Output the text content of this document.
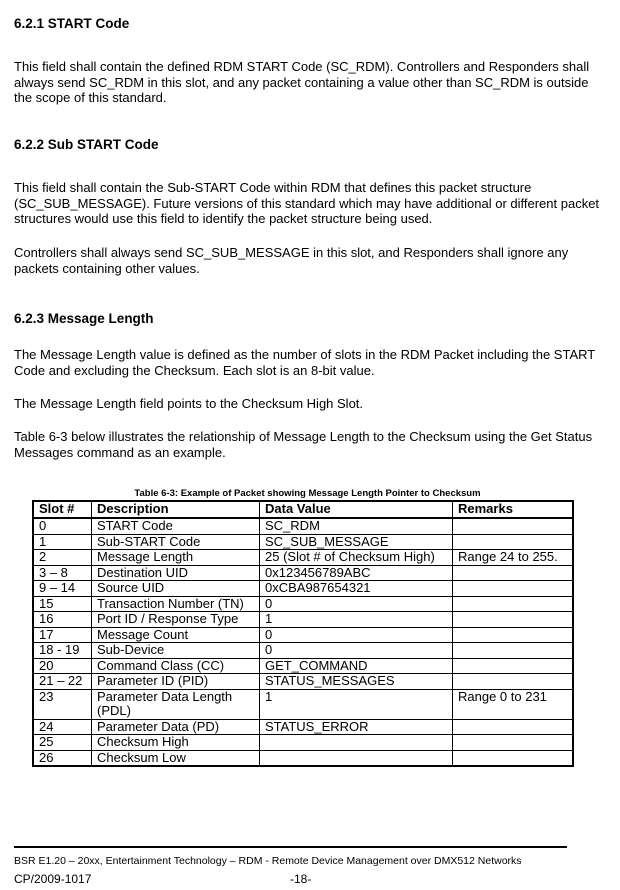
6.2.1 START Code

This field shall contain the defined RDM START Code (SC_RDM). Controllers and Responders shall always send SC_RDM in this slot, and any packet containing a value other than SC_RDM is outside the scope of this standard.

6.2.2 Sub START Code

This field shall contain the Sub-START Code within RDM that defines this packet structure (SC_SUB_MESSAGE). Future versions of this standard which may have additional or different packet structures would use this field to identify the packet structure being used.

Controllers shall always send SC_SUB_MESSAGE in this slot, and Responders shall ignore any packets containing other values.

6.2.3 Message Length

The Message Length value is defined as the number of slots in the RDM Packet including the START Code and excluding the Checksum. Each slot is an 8-bit value.

The Message Length field points to the Checksum High Slot.

Table 6-3 below illustrates the relationship of Message Length to the Checksum using the Get Status Messages command as an example.

Table 6-3: Example of Packet showing Message Length Pointer to Checksum
Slot #	Description	Data Value	Remarks
0	START Code	SC_RDM	
1	Sub-START Code	SC_SUB_MESSAGE	
2	Message Length	25 (Slot # of Checksum High)	Range 24 to 255.
3 – 8	Destination UID	0x123456789ABC	
9 – 14	Source UID	0xCBA987654321	
15	Transaction Number (TN)	0	
16	Port ID / Response Type	1	
17	Message Count	0	
18 - 19	Sub-Device	0	
20	Command Class (CC)	GET_COMMAND	
21 – 22	Parameter ID (PID)	STATUS_MESSAGES	
23	Parameter Data Length (PDL)	1	Range 0 to 231
24	Parameter Data (PD)	STATUS_ERROR	
25	Checksum High		
26	Checksum Low		
BSR E1.20 – 20xx, Entertainment Technology – RDM - Remote Device Management over DMX512 Networks
CP/2009-1017	-18-
